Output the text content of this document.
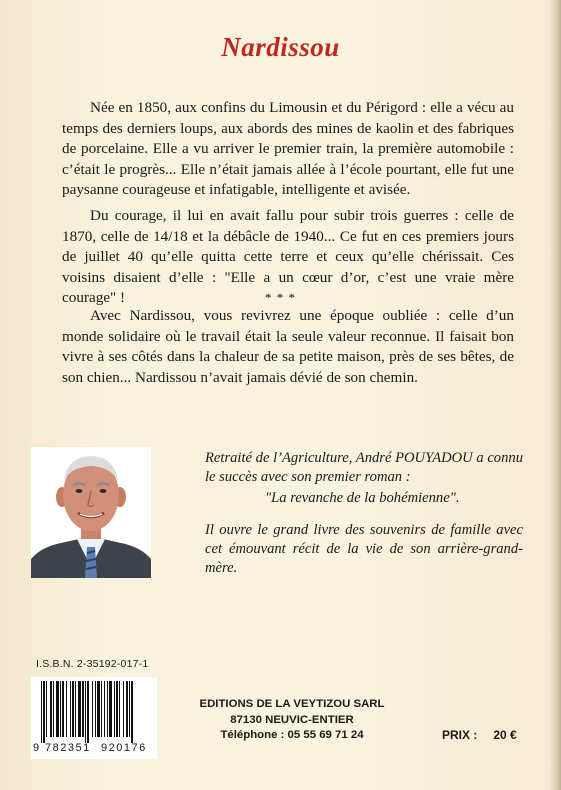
Nardissou

Née en 1850, aux confins du Limousin et du Périgord : elle a vécu au temps des derniers loups, aux abords des mines de kaolin et des fabriques de porcelaine. Elle a vu arriver le premier train, la première automobile : c’était le progrès... Elle n’était jamais allée à l’école pourtant, elle fut une paysanne courageuse et infatigable, intelligente et avisée.

Du courage, il lui en avait fallu pour subir trois guerres : celle de 1870, celle de 14/18 et la débâcle de 1940... Ce fut en ces premiers jours de juillet 40 qu’elle quitta cette terre et ceux qu’elle chérissait. Ces voisins disaient d’elle : "Elle a un cœur d’or, c’est une vraie mère courage" !	* * *

Avec Nardissou, vous revivrez une époque oubliée : celle d’un monde solidaire où le travail était la seule valeur reconnue. Il faisait bon vivre à ses côtés dans la chaleur de sa petite maison, près de ses bêtes, de son chien... Nardissou n’avait jamais dévié de son chemin.

Retraité de l’Agriculture, André POUYADOU a connu le succès avec son premier roman :

"La revanche de la bohémienne".

Il ouvre le grand livre des souvenirs de famille avec cet émouvant récit de la vie de son arrière-grand-mère.

I.S.B.N. 2-35192-017-1
9 782351 920176
EDITIONS DE LA VEYTIZOU SARL
87130 NEUVIC-ENTIER
Téléphone : 05 55 69 71 24	PRIX : 20 €
